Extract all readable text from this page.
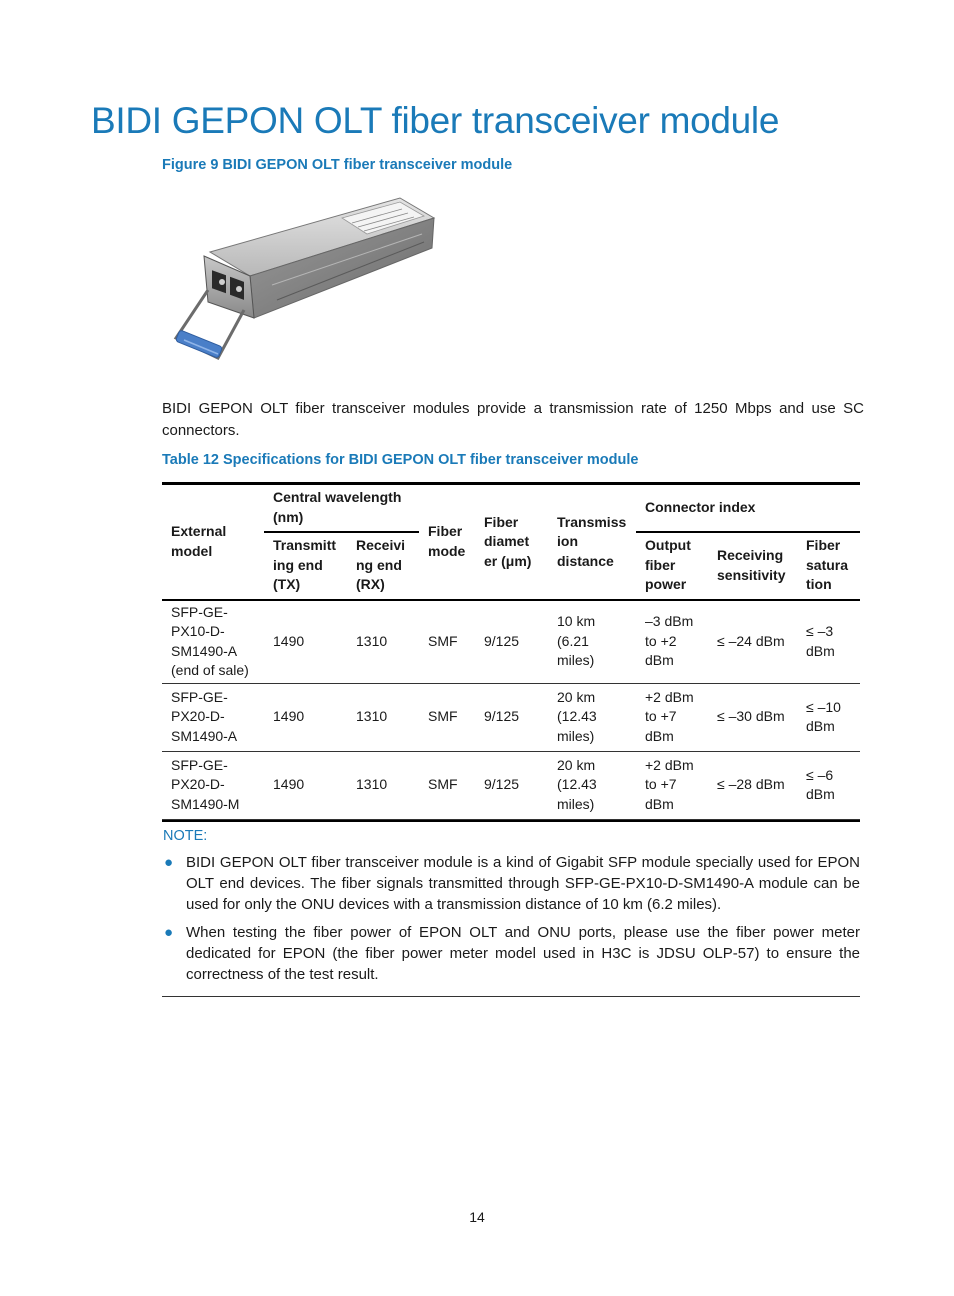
BIDI GEPON OLT fiber transceiver module
Figure 9 BIDI GEPON OLT fiber transceiver module

BIDI GEPON OLT fiber transceiver modules provide a transmission rate of 1250 Mbps and use SC connectors.

Table 12 Specifications for BIDI GEPON OLT fiber transceiver module
External model	Central wavelength (nm)		Fiber mode	Fiber diamet er (μm)	Transmiss ion distance	Connector index		
	Transmitt ing end (TX)	Receivi ng end (RX)				Output fiber power	Receiving sensitivity	Fiber satura tion
SFP-GE-PX10-D-SM1490-A (end of sale)	1490	1310	SMF	9/125	10 km (6.21 miles)	–3 dBm to +2 dBm	≤ –24 dBm	≤ –3 dBm
SFP-GE-PX20-D-SM1490-A	1490	1310	SMF	9/125	20 km (12.43 miles)	+2 dBm to +7 dBm	≤ –30 dBm	≤ –10 dBm
SFP-GE-PX20-D-SM1490-M	1490	1310	SMF	9/125	20 km (12.43 miles)	+2 dBm to +7 dBm	≤ –28 dBm	≤ –6 dBm
NOTE:
● BIDI GEPON OLT fiber transceiver module is a kind of Gigabit SFP module specially used for EPON OLT end devices. The fiber signals transmitted through SFP-GE-PX10-D-SM1490-A module can be used for only the ONU devices with a transmission distance of 10 km (6.2 miles).
● When testing the fiber power of EPON OLT and ONU ports, please use the fiber power meter dedicated for EPON (the fiber power meter model used in H3C is JDSU OLP-57) to ensure the correctness of the test result.
14
